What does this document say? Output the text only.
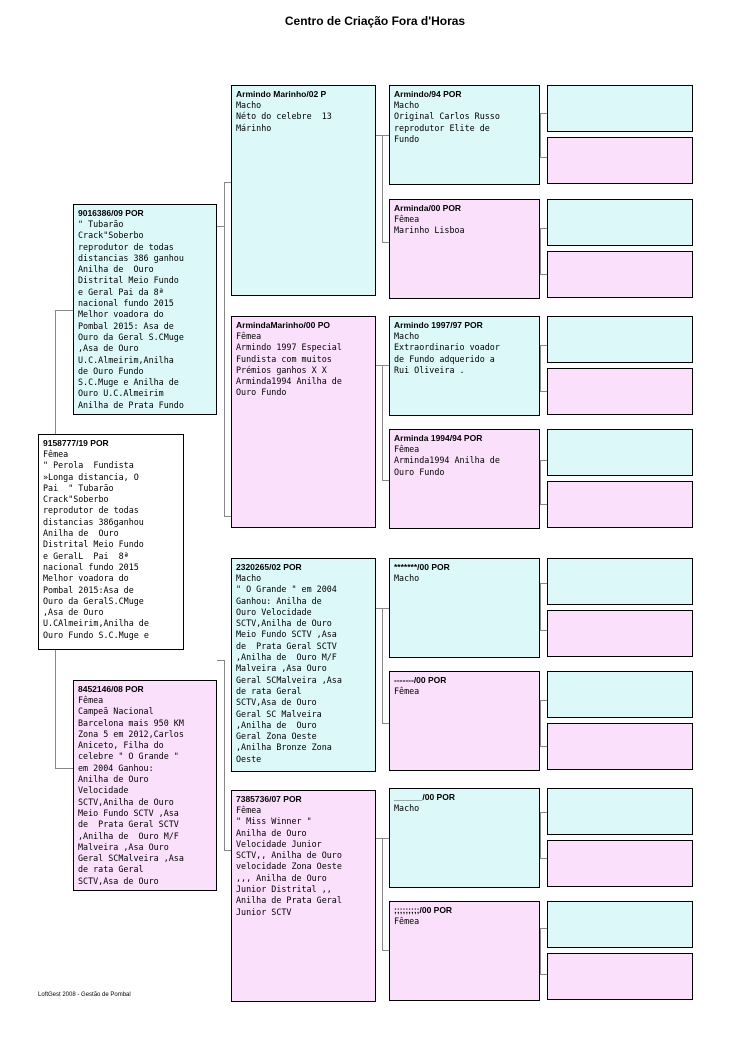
Centro de Criação Fora d'Horas
9158777/19 POR
Fêmea
" Perola  Fundista
»Longa distancia, O
Pai  " Tubarão
Crack"Soberbo
reprodutor de todas
distancias 386ganhou
Anilha de  Ouro
Distrital Meio Fundo
e GeralL  Pai  8ª
nacional fundo 2015
Melhor voadora do
Pombal 2015:Asa de
Ouro da GeralS.CMuge
,Asa de Ouro
U.CAlmeirim,Anilha de
Ouro Fundo S.C.Muge e
9016386/09 POR
" Tubarão
Crack"Soberbo
reprodutor de todas
distancias 386 ganhou
Anilha de  Ouro
Distrital Meio Fundo
e Geral Pai da 8ª
nacional fundo 2015
Melhor voadora do
Pombal 2015: Asa de
Ouro da Geral S.CMuge
,Asa de Ouro
U.C.Almeirim,Anilha
de Ouro Fundo
S.C.Muge e Anilha de
Ouro U.C.Almeirim
Anilha de Prata Fundo
8452146/08 POR
Fêmea
Campeã Nacional
Barcelona mais 950 KM
Zona 5 em 2012,Carlos
Aniceto, Filha do
celebre " O Grande "
em 2004 Ganhou:
Anilha de Ouro
Velocidade
SCTV,Anilha de Ouro
Meio Fundo SCTV ,Asa
de  Prata Geral SCTV
,Anilha de  Ouro M/F
Malveira ,Asa Ouro
Geral SCMalveira ,Asa
de rata Geral
SCTV,Asa de Ouro
Armindo Marinho/02 P
Macho
Néto do celebre  13
Márinho
ArmindaMarinho/00 PO
Fêmea
Armindo 1997 Especial
Fundista com muitos
Prémios ganhos X X
Arminda1994 Anilha de
Ouro Fundo
2320265/02 POR
Macho
" O Grande " em 2004
Ganhou: Anilha de
Ouro Velocidade
SCTV,Anilha de Ouro
Meio Fundo SCTV ,Asa
de  Prata Geral SCTV
,Anilha de  Ouro M/F
Malveira ,Asa Ouro
Geral SCMalveira ,Asa
de rata Geral
SCTV,Asa de Ouro
Geral SC Malveira
,Anilha de  Ouro
Geral Zona Oeste
,Anilha Bronze Zona
Oeste
7385736/07 POR
Fêmea
" Miss Winner "
Anilha de Ouro
Velocidade Junior
SCTV,, Anilha de Ouro
velocidade Zona Oeste
,,, Anilha de Ouro
Junior Distrital ,,
Anilha de Prata Geral
Junior SCTV
Armindo/94 POR
Macho
Original Carlos Russo
reprodutor Elite de
Fundo
Arminda/00 POR
Fêmea
Marinho Lisboa
Armindo 1997/97 POR
Macho
Extraordinario voador
de Fundo adquerido a
Rui Oliveira .
Arminda 1994/94 POR
Fêmea
Arminda1994 Anilha de
Ouro Fundo
*******/00 POR
Macho
-------/00 POR
Fêmea
______/00 POR
Macho
;;;;;;;;;/00 POR
Fêmea
LoftGest 2008 - Gestão de Pombal
